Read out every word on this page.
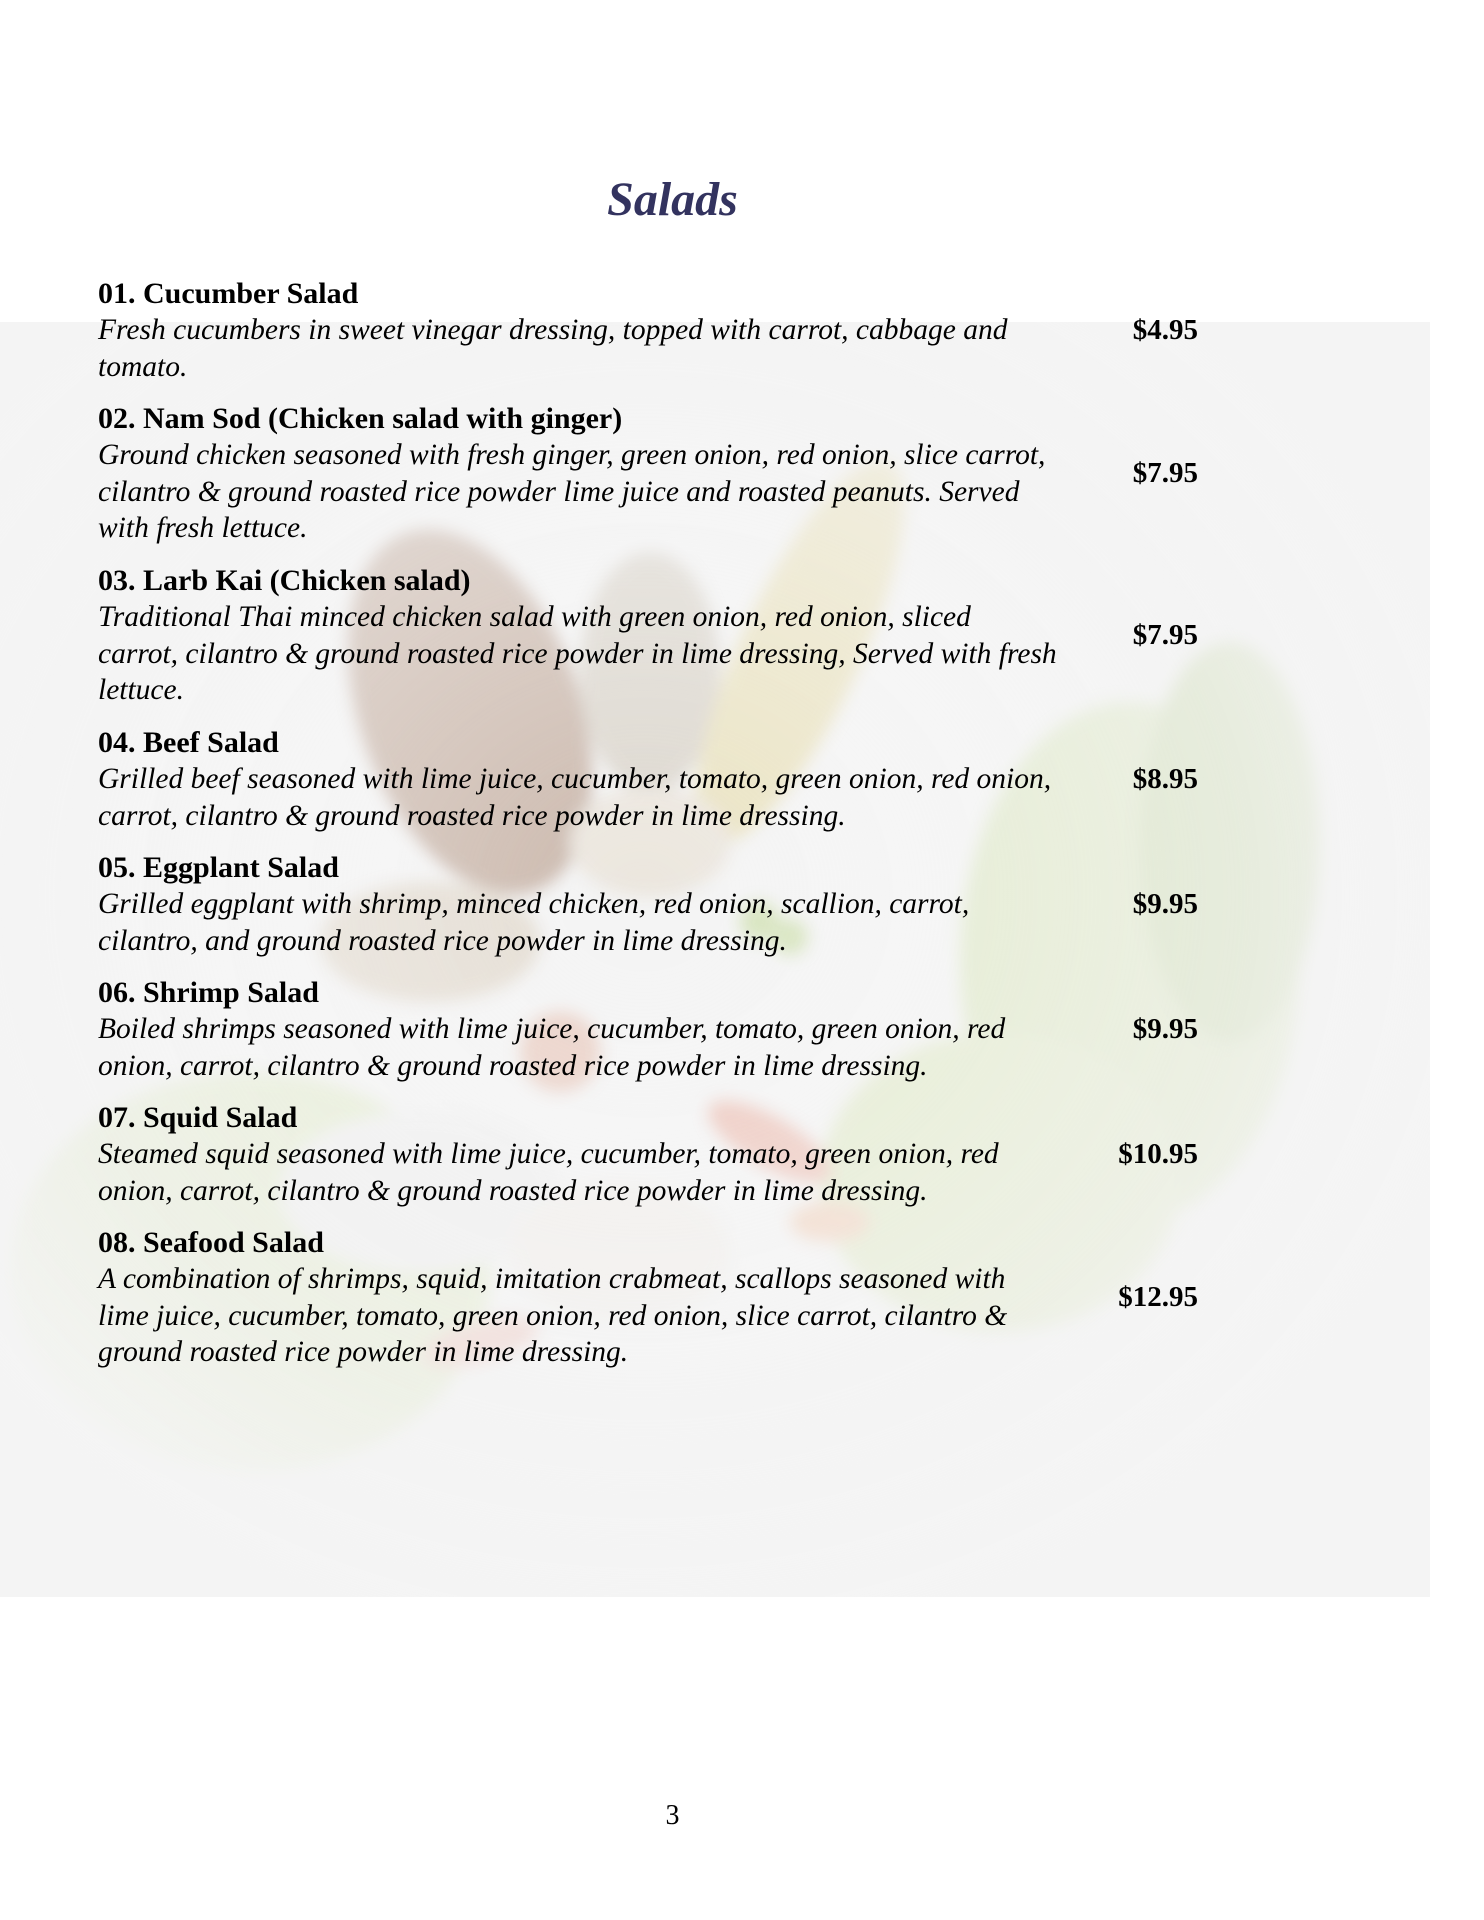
Salads
01. Cucumber Salad
Fresh cucumbers in sweet vinegar dressing, topped with carrot, cabbage and tomato.
$4.95
02. Nam Sod (Chicken salad with ginger)
Ground chicken seasoned with fresh ginger, green onion, red onion, slice carrot, cilantro & ground roasted rice powder lime juice and roasted peanuts. Served with fresh lettuce.
$7.95
03. Larb Kai (Chicken salad)
Traditional Thai minced chicken salad with green onion, red onion, sliced carrot, cilantro & ground roasted rice powder in lime dressing, Served with fresh lettuce.
$7.95
04. Beef Salad
Grilled beef seasoned with lime juice, cucumber, tomato, green onion, red onion, carrot, cilantro & ground roasted rice powder in lime dressing.
$8.95
05. Eggplant Salad
Grilled eggplant with shrimp, minced chicken, red onion, scallion, carrot, cilantro, and ground roasted rice powder in lime dressing.
$9.95
06. Shrimp Salad
Boiled shrimps seasoned with lime juice, cucumber, tomato, green onion, red onion, carrot, cilantro & ground roasted rice powder in lime dressing.
$9.95
07. Squid Salad
Steamed squid seasoned with lime juice, cucumber, tomato, green onion, red onion, carrot, cilantro & ground roasted rice powder in lime dressing.
$10.95
08. Seafood Salad
A combination of shrimps, squid, imitation crabmeat, scallops seasoned with lime juice, cucumber, tomato, green onion, red onion, slice carrot, cilantro & ground roasted rice powder in lime dressing.
$12.95
3
